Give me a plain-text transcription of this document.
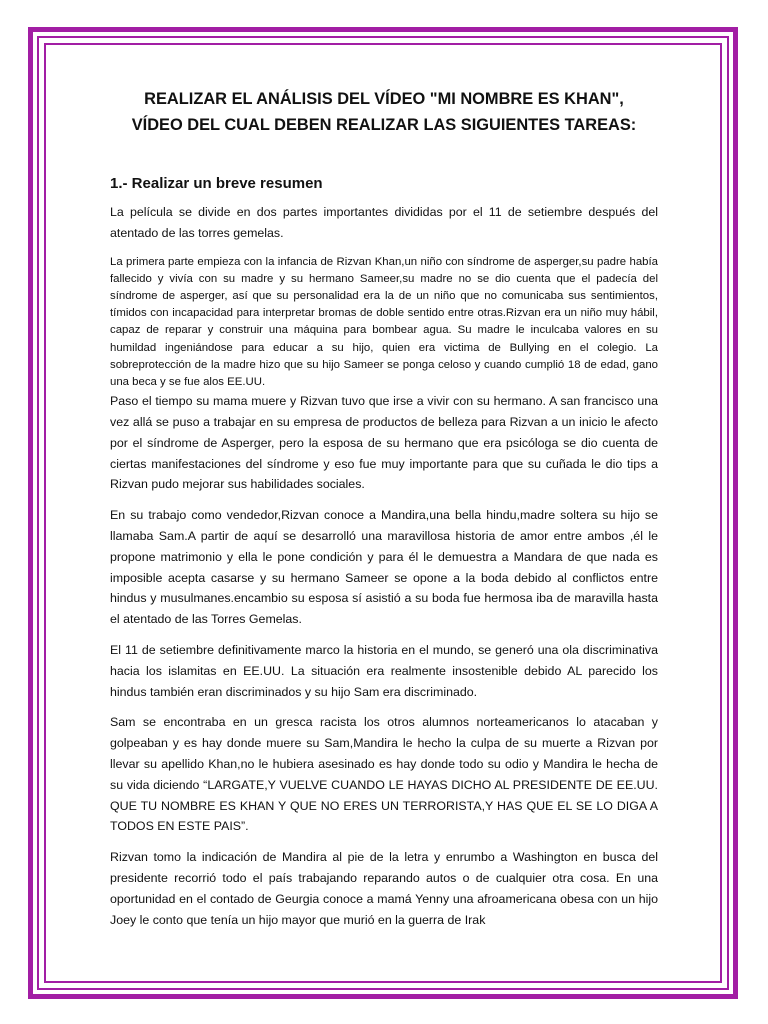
REALIZAR EL ANÁLISIS DEL VÍDEO "MI NOMBRE ES KHAN",
VÍDEO DEL CUAL DEBEN REALIZAR LAS SIGUIENTES TAREAS:
1.- Realizar un breve resumen

La película se divide en dos partes importantes divididas por el 11 de setiembre después del atentado de las torres gemelas.

La primera parte empieza con la infancia de Rizvan Khan,un niño con síndrome de asperger,su padre había fallecido y vivía con su madre y su hermano Sameer,su madre no se dio cuenta que el padecía del síndrome de asperger, así que su personalidad era la de un niño que no comunicaba sus sentimientos, tímidos con incapacidad para interpretar bromas de doble sentido entre otras.Rizvan era un niño muy hábil, capaz de reparar y construir una máquina para bombear agua. Su madre le inculcaba valores en su humildad ingeniándose para educar a su hijo, quien era victima de Bullying en el colegio. La sobreprotección de la madre hizo que su hijo Sameer se ponga celoso y cuando cumplió 18 de edad, gano una beca y se fue alos EE.UU.

Paso el tiempo su mama muere y Rizvan tuvo que irse a vivir con su hermano. A san francisco una vez allá se puso a trabajar en su empresa de productos de belleza para Rizvan a un inicio le afecto por el síndrome de Asperger, pero la esposa de su hermano que era psicóloga se dio cuenta de ciertas manifestaciones del síndrome y eso fue muy importante para que su cuñada le dio tips a Rizvan pudo mejorar sus habilidades sociales.

En su trabajo como vendedor,Rizvan conoce a Mandira,una bella hindu,madre soltera su hijo se llamaba Sam.A partir de aquí se desarrolló una maravillosa historia de amor entre ambos ,él le propone matrimonio y ella le pone condición y para él le demuestra a Mandara de que nada es imposible acepta casarse y su hermano Sameer se opone a la boda debido al conflictos entre hindus y musulmanes.encambio su esposa sí asistió a su boda fue hermosa iba de maravilla hasta el atentado de las Torres Gemelas.

El 11 de setiembre definitivamente marco la historia en el mundo, se generó una ola discriminativa hacia los islamitas en EE.UU. La situación era realmente insostenible debido AL parecido los hindus también eran discriminados y su hijo Sam era discriminado.

Sam se encontraba en un gresca racista los otros alumnos norteamericanos lo atacaban y golpeaban y es hay donde muere su Sam,Mandira le hecho la culpa de su muerte a Rizvan por llevar su apellido Khan,no le hubiera asesinado es hay donde todo su odio y Mandira le hecha de su vida diciendo “LARGATE,Y VUELVE CUANDO LE HAYAS DICHO AL PRESIDENTE DE EE.UU. QUE TU NOMBRE ES KHAN Y QUE NO ERES UN TERRORISTA,Y HAS QUE EL SE LO DIGA A TODOS EN ESTE PAIS”.

Rizvan tomo la indicación de Mandira al pie de la letra y enrumbo a Washington en busca del presidente recorrió todo el país trabajando reparando autos o de cualquier otra cosa. En una oportunidad en el contado de Geurgia conoce a mamá Yenny una afroamericana obesa con un hijo Joey le conto que tenía un hijo mayor que murió en la guerra de Irak
